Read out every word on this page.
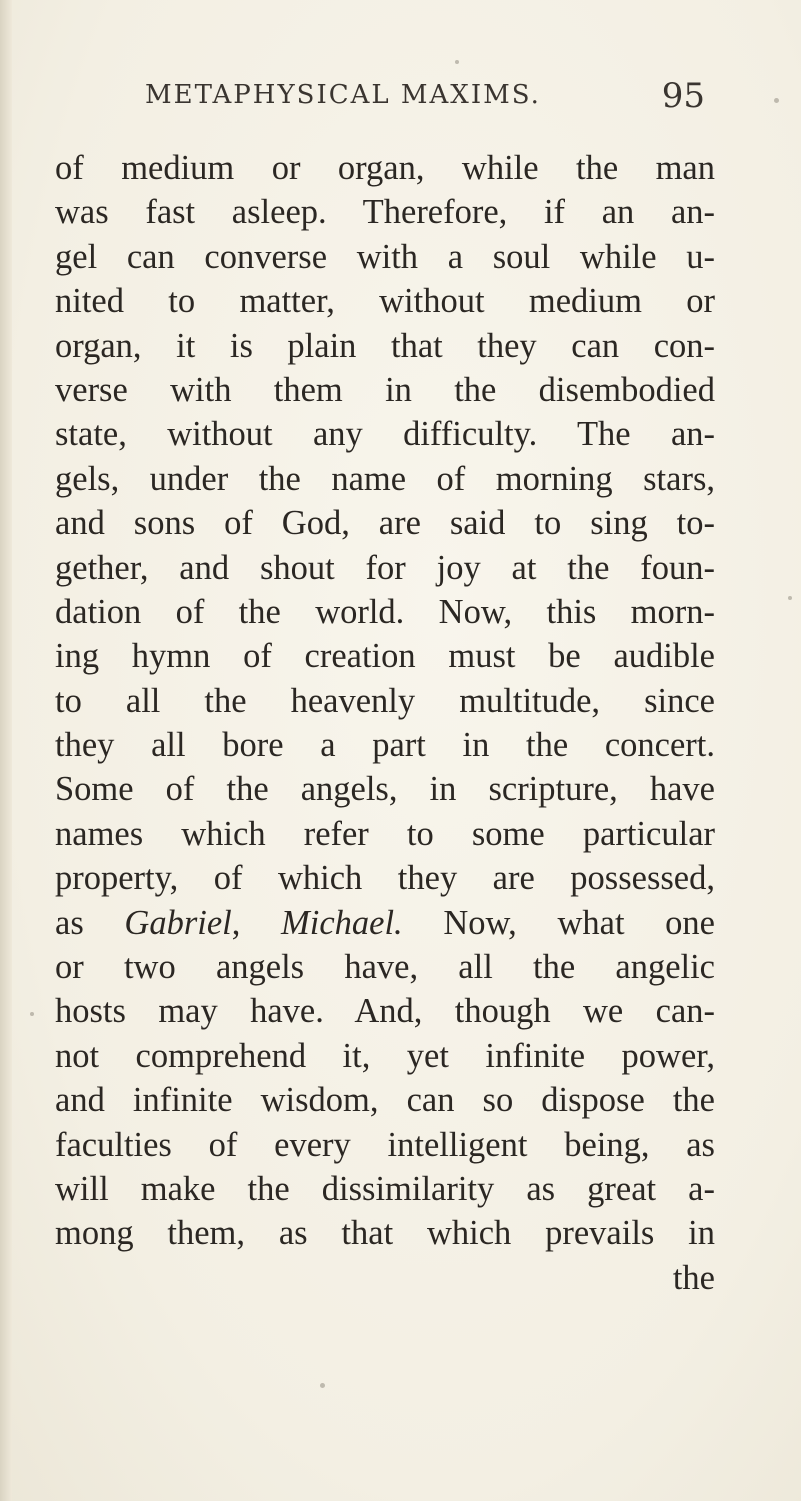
METAPHYSICAL MAXIMS.	95
of medium or organ, while the man
was fast asleep. Therefore, if an an-
gel can converse with a soul while u-
nited to matter, without medium or
organ, it is plain that they can con-
verse with them in the disembodied
state, without any difficulty. The an-
gels, under the name of morning stars,
and sons of God, are said to sing to-
gether, and shout for joy at the foun-
dation of the world. Now, this morn-
ing hymn of creation must be audible
to all the heavenly multitude, since
they all bore a part in the concert.
Some of the angels, in scripture, have
names which refer to some particular
property, of which they are possessed,
as Gabriel, Michael. Now, what one
or two angels have, all the angelic
hosts may have. And, though we can-
not comprehend it, yet infinite power,
and infinite wisdom, can so dispose the
faculties of every intelligent being, as
will make the dissimilarity as great a-
mong them, as that which prevails in
the
